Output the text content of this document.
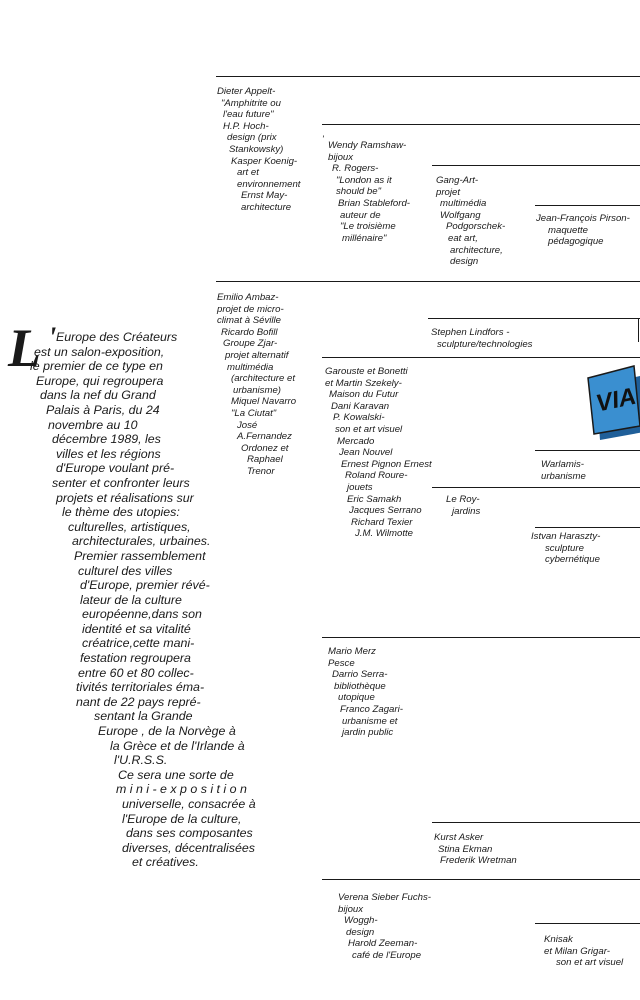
'
L ' Europe des Créateurs
est un salon-exposition,
le premier de ce type en
Europe, qui regroupera
dans la nef du Grand
Palais à Paris, du 24
novembre au 10
décembre 1989, les
villes et les régions
d'Europe voulant pré-
senter et confronter leurs
projets et réalisations sur
le thème des utopies:
culturelles, artistiques,
architecturales, urbaines.
Premier rassemblement
culturel des villes
d'Europe, premier révé-
lateur de la culture
européenne,dans son
identité et sa vitalité
créatrice,cette mani-
festation regroupera
entre 60 et 80 collec-
tivités territoriales éma-
nant de 22 pays repré-
sentant la Grande
Europe , de la Norvège à
la Grèce et de l'Irlande à
l'U.R.S.S.
Ce sera une sorte de
m i n i - e x p o s i t i o n
universelle, consacrée à
l'Europe de la culture,
dans ses composantes
diverses, décentralisées
et créatives.
Dieter Appelt-
"Amphitrite ou
l'eau future"
H.P. Hoch-
design (prix
Stankowsky)
Kasper Koenig-
art et
environnement
Ernst May-
architecture
Wendy Ramshaw-
bijoux
R. Rogers-
"London as it
should be"
Brian Stableford-
auteur de
"Le troisième
millénaire"
Gang-Art-
projet
multimédia
Wolfgang
Podgorschek-
eat art,
architecture,
design
Jean-François Pirson-
maquette
pédagogique
Emilio Ambaz-
projet de micro-
climat à Séville
Ricardo Bofill
Groupe Zjar-
projet alternatif
multimédia
(architecture et
urbanisme)
Miquel Navarro
"La Ciutat"
José
A.Fernandez
Ordonez et
Raphael
Trenor
Stephen Lindfors -
sculpture/technologies
Garouste et Bonetti
et Martin Szekely-
Maison du Futur
Dani Karavan
P. Kowalski-
son et art visuel
Mercado
Jean Nouvel
Ernest Pignon Ernest
Roland Roure-
jouets
Eric Samakh
Jacques Serrano
Richard Texier
J.M. Wilmotte
Warlamis-
urbanisme
Le Roy-
jardins
Istvan Haraszty-
sculpture
cybernétique
Mario Merz
Pesce
Darrio Serra-
bibliothèque
utopique
Franco Zagari-
urbanisme et
jardin public
Kurst Asker
Stina Ekman
Frederik Wretman
Verena Sieber Fuchs-
bijoux
Woggh-
design
Harold Zeeman-
café de l'Europe
Knisak
et Milan Grigar-
son et art visuel
VIA
